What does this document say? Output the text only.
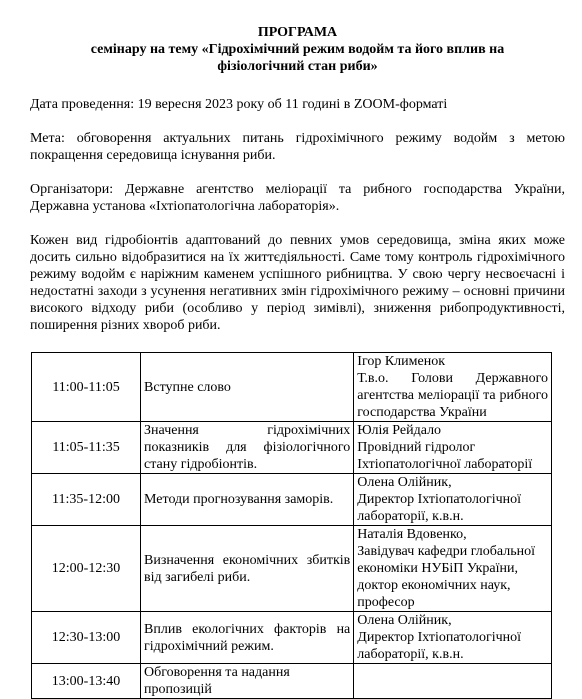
ПРОГРАМА

семінару на тему «Гідрохімічний режим водойм та його вплив на фізіологічний стан риби»

Дата проведення: 19 вересня 2023 року об 11 годині в ZOOM-форматі

Мета: обговорення актуальних питань гідрохімічного режиму водойм з метою покращення середовища існування риби.

Організатори: Державне агентство меліорації та рибного господарства України, Державна установа «Іхтіопатологічна лабораторія».

Кожен вид гідробіонтів адаптований до певних умов середовища, зміна яких може досить сильно відобразитися на їх життєдіяльності. Саме тому контроль гідрохімічного режиму водойм є наріжним каменем успішного рибництва. У свою чергу несвоєчасні і недостатні заходи з усунення негативних змін гідрохімічного режиму – основні причини високого відходу риби (особливо у період зимівлі), зниження рибопродуктивності, поширення різних хвороб риби.

11:00-11:05	Вступне слово	Ігор Клименок
Т.в.о. Голови Державного агентства меліорації та рибного господарства України

11:05-11:35	Значення гідрохімічних показників для фізіологічного стану гідробіонтів.	Юлія Рейдало
Провідний гідролог Іхтіопатологічної лабораторії

11:35-12:00	Методи прогнозування заморів.	Олена Олійник,
Директор Іхтіопатологічної лабораторії, к.в.н.

12:00-12:30	Визначення економічних збитків від загибелі риби.	Наталія Вдовенко,
Завідувач кафедри глобальної економіки НУБіП України, доктор економічних наук, професор

12:30-13:00	Вплив екологічних факторів на гідрохімічний режим.	Олена Олійник,
Директор Іхтіопатологічної лабораторії, к.в.н.

13:00-13:40	Обговорення та надання пропозицій	
